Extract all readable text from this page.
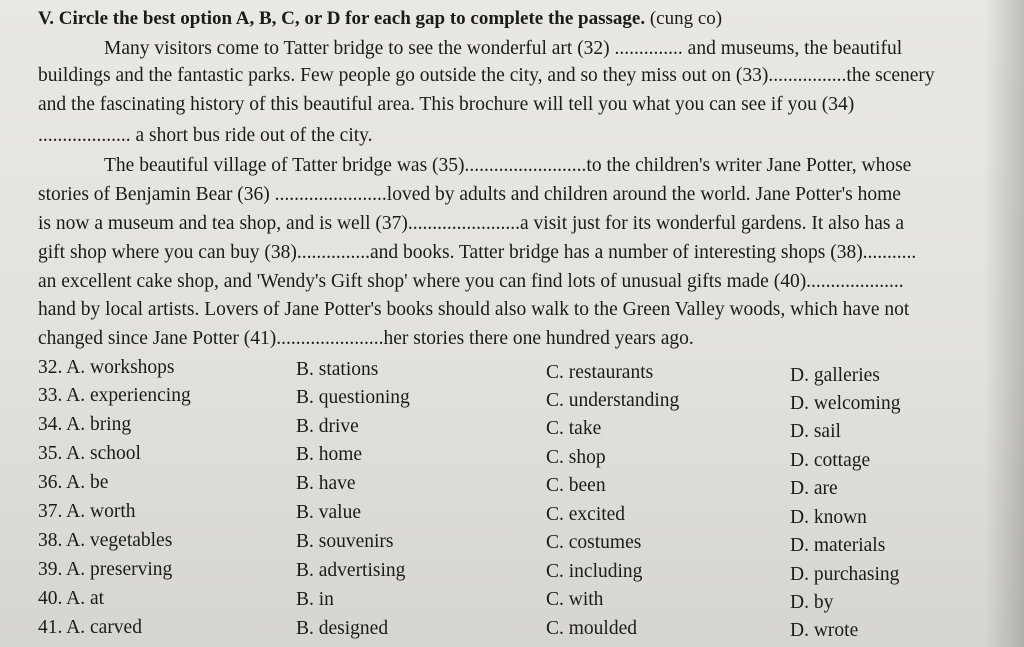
V. Circle the best option A, B, C, or D for each gap to complete the passage. (cung co)
Many visitors come to Tatter bridge to see the wonderful art (32) .............. and museums, the beautiful
buildings and the fantastic parks. Few people go outside the city, and so they miss out on (33)................the scenery
and the fascinating history of this beautiful area. This brochure will tell you what you can see if you (34)
................... a short bus ride out of the city.
The beautiful village of Tatter bridge was (35).........................to the children's writer Jane Potter, whose
stories of Benjamin Bear (36) .......................loved by adults and children around the world. Jane Potter's home
is now a museum and tea shop, and is well (37).......................a visit just for its wonderful gardens. It also has a
gift shop where you can buy (38)...............and books. Tatter bridge has a number of interesting shops (38)...........
an excellent cake shop, and 'Wendy's Gift shop' where you can find lots of unusual gifts made (40)....................
hand by local artists. Lovers of Jane Potter's books should also walk to the Green Valley woods, which have not
changed since Jane Potter (41)......................her stories there one hundred years ago.
32. A. workshops	B. stations	C. restaurants	D. galleries
33. A. experiencing	B. questioning	C. understanding	D. welcoming
34. A. bring	B. drive	C. take	D. sail
35. A. school	B. home	C. shop	D. cottage
36. A. be	B. have	C. been	D. are
37. A. worth	B. value	C. excited	D. known
38. A. vegetables	B. souvenirs	C. costumes	D. materials
39. A. preserving	B. advertising	C. including	D. purchasing
40. A. at	B. in	C. with	D. by
41. A. carved	B. designed	C. moulded	D. wrote
